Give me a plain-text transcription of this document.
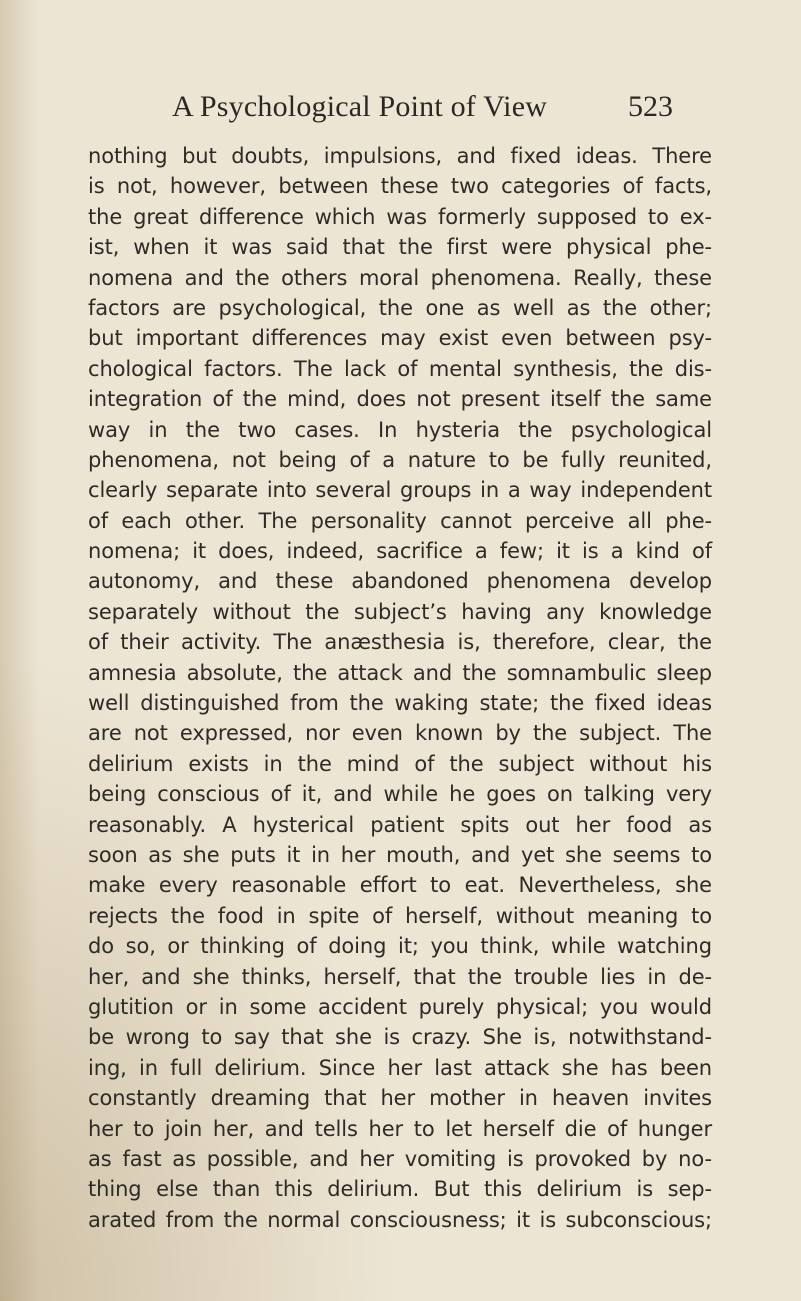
A Psychological Point of View	523
nothing but doubts, impulsions, and fixed ideas. There
is not, however, between these two categories of facts,
the great difference which was formerly supposed to ex-
ist, when it was said that the first were physical phe-
nomena and the others moral phenomena. Really, these
factors are psychological, the one as well as the other;
but important differences may exist even between psy-
chological factors. The lack of mental synthesis, the dis-
integration of the mind, does not present itself the same
way in the two cases. In hysteria the psychological
phenomena, not being of a nature to be fully reunited,
clearly separate into several groups in a way independent
of each other. The personality cannot perceive all phe-
nomena; it does, indeed, sacrifice a few; it is a kind of
autonomy, and these abandoned phenomena develop
separately without the subject’s having any knowledge
of their activity. The anæsthesia is, therefore, clear, the
amnesia absolute, the attack and the somnambulic sleep
well distinguished from the waking state; the fixed ideas
are not expressed, nor even known by the subject. The
delirium exists in the mind of the subject without his
being conscious of it, and while he goes on talking very
reasonably. A hysterical patient spits out her food as
soon as she puts it in her mouth, and yet she seems to
make every reasonable effort to eat. Nevertheless, she
rejects the food in spite of herself, without meaning to
do so, or thinking of doing it; you think, while watching
her, and she thinks, herself, that the trouble lies in de-
glutition or in some accident purely physical; you would
be wrong to say that she is crazy. She is, notwithstand-
ing, in full delirium. Since her last attack she has been
constantly dreaming that her mother in heaven invites
her to join her, and tells her to let herself die of hunger
as fast as possible, and her vomiting is provoked by no-
thing else than this delirium. But this delirium is sep-
arated from the normal consciousness; it is subconscious;
